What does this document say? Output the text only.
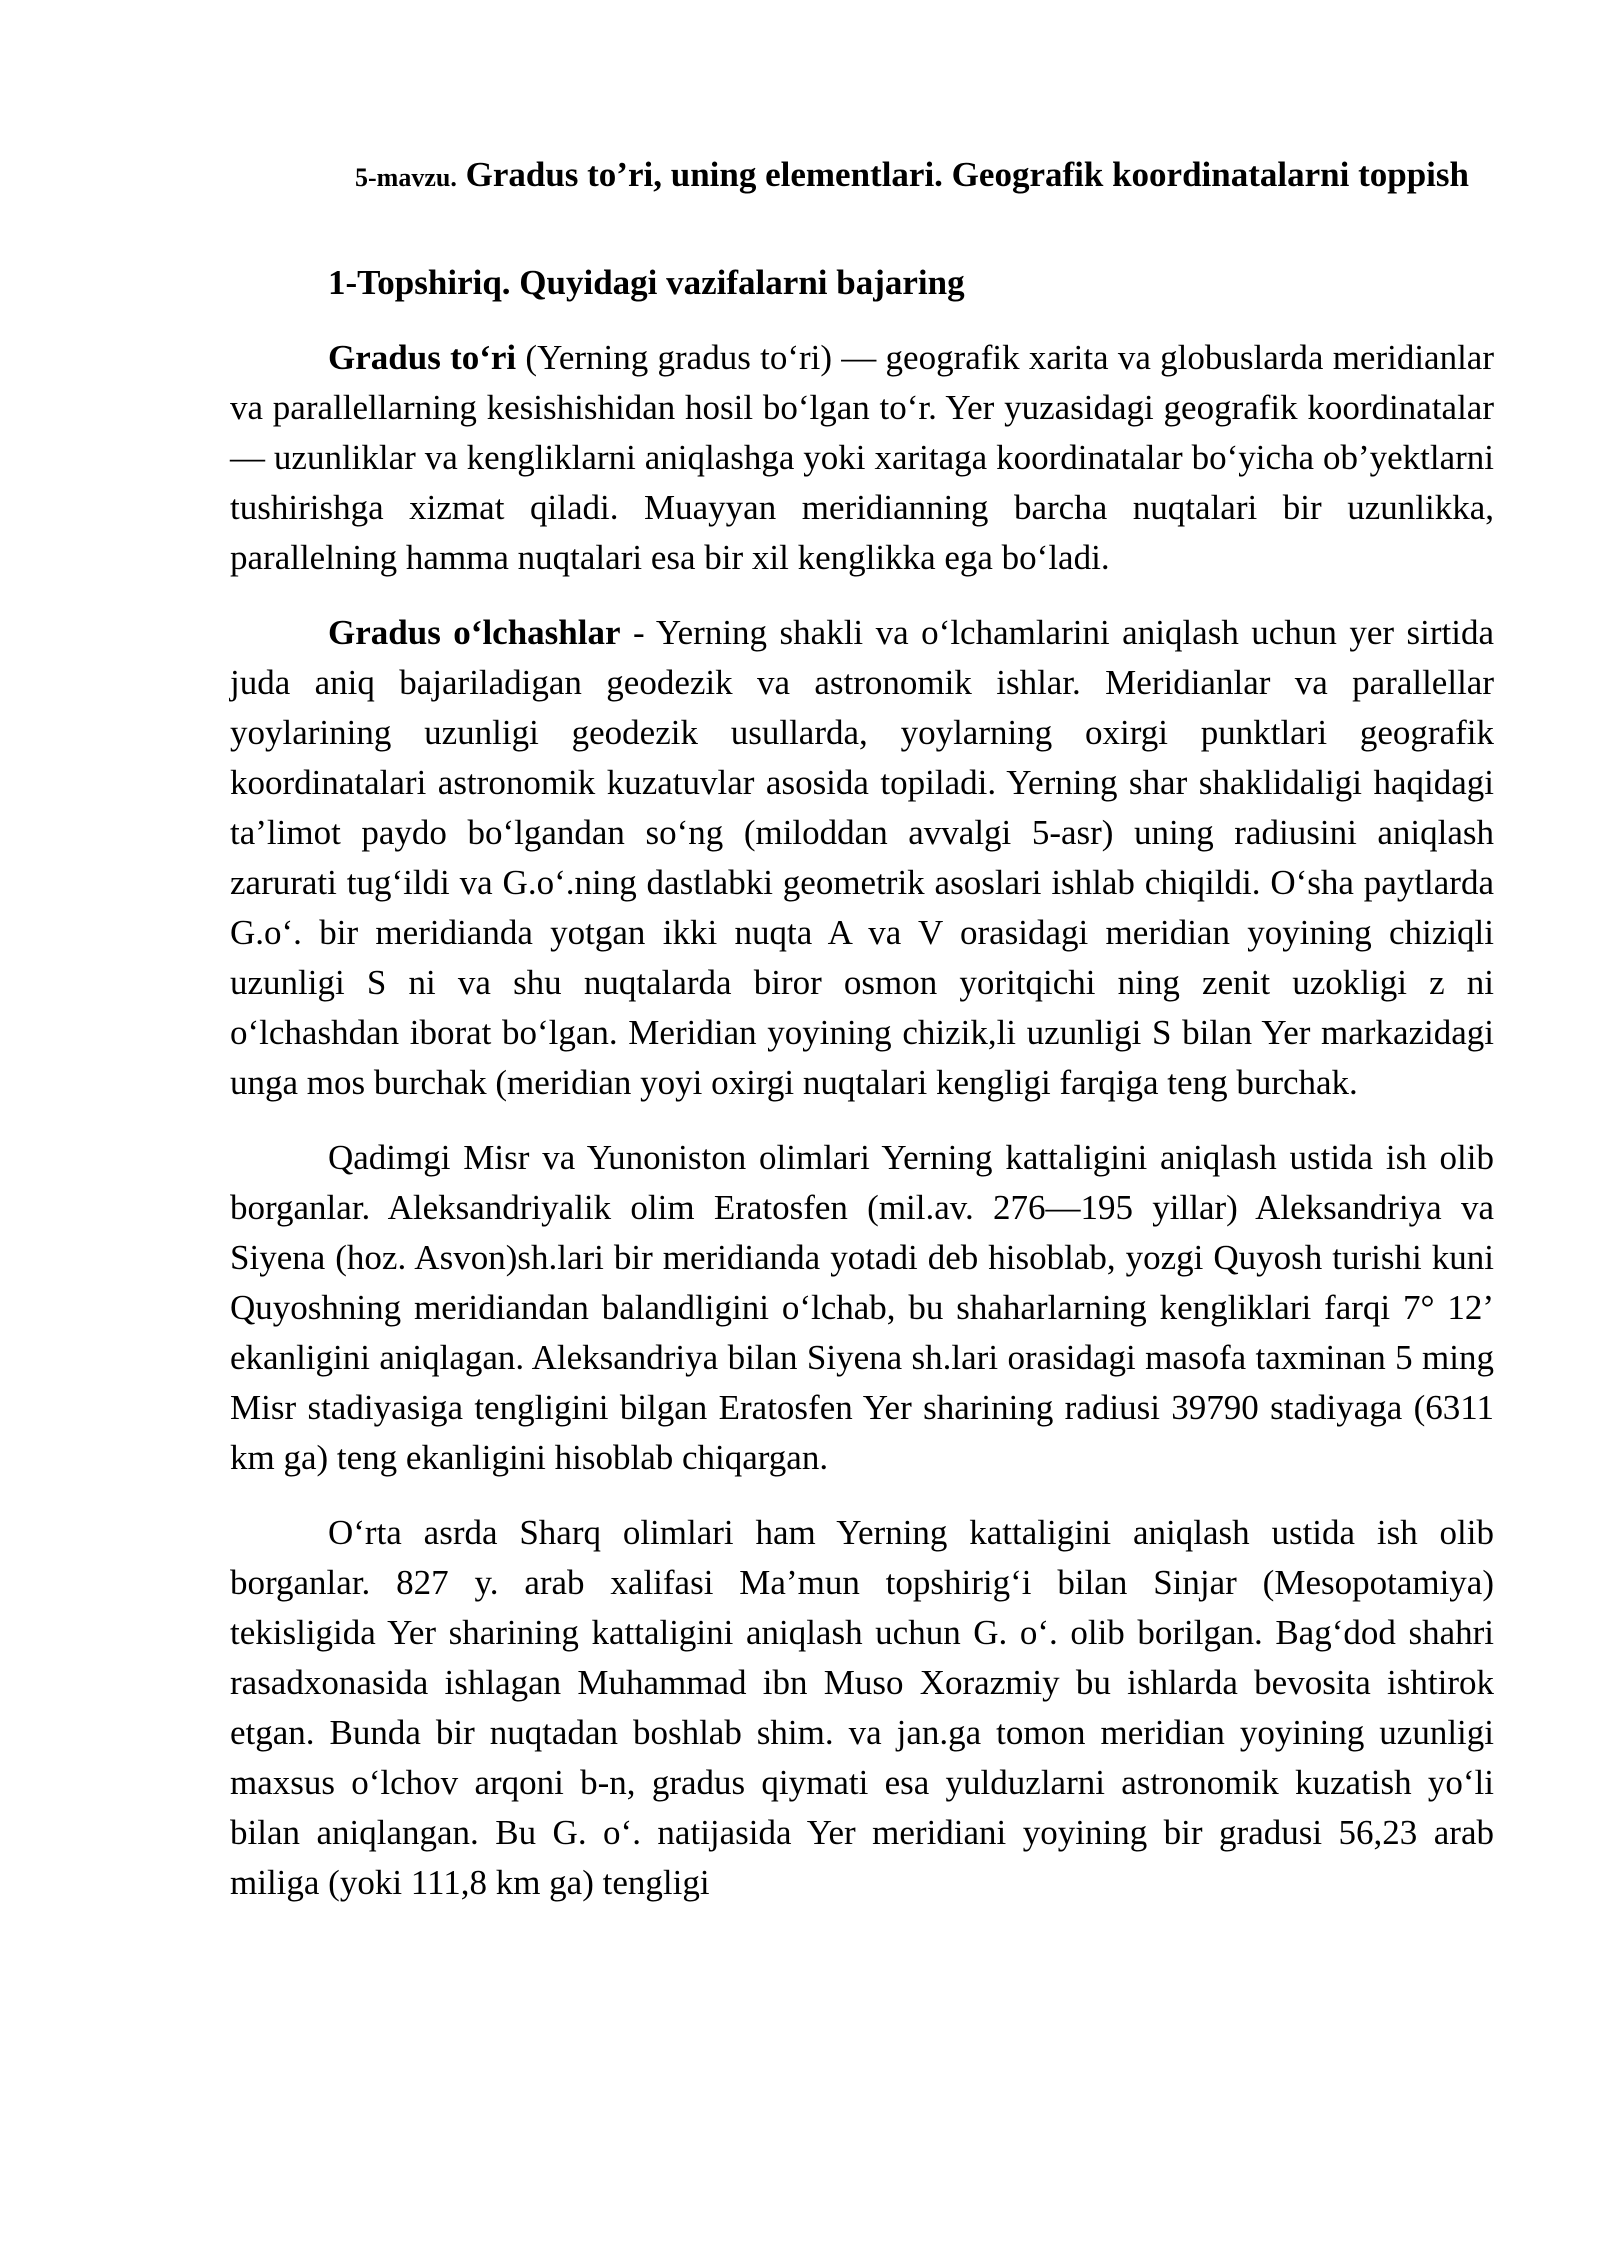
5-mavzu. Gradus to’ri, uning elementlari. Geografik koordinatalarni toppish

1-Topshiriq. Quyidagi vazifalarni bajaring

Gradus to‘ri (Yerning gradus to‘ri) — geografik xarita va globuslarda meridianlar va parallellarning kesishishidan hosil bo‘lgan to‘r. Yer yuzasidagi geografik koordinatalar — uzunliklar va kengliklarni aniqlashga yoki xaritaga koordinatalar bo‘yicha ob’yektlarni tushirishga xizmat qiladi. Muayyan meridianning barcha nuqtalari bir uzunlikka, parallelning hamma nuqtalari esa bir xil kenglikka ega bo‘ladi.

Gradus o‘lchashlar - Yerning shakli va o‘lchamlarini aniqlash uchun yer sirtida juda aniq bajariladigan geodezik va astronomik ishlar. Meridianlar va parallellar yoylarining uzunligi geodezik usullarda, yoylarning oxirgi punktlari geografik koordinatalari astronomik kuzatuvlar asosida topiladi. Yerning shar shaklidaligi haqidagi ta’limot paydo bo‘lgandan so‘ng (miloddan avvalgi 5-asr) uning radiusini aniqlash zarurati tug‘ildi va G.o‘.ning dastlabki geometrik asoslari ishlab chiqildi. O‘sha paytlarda G.o‘. bir meridianda yotgan ikki nuqta A va V orasidagi meridian yoyining chiziqli uzunligi S ni va shu nuqtalarda biror osmon yoritqichi ning zenit uzokligi z ni o‘lchashdan iborat bo‘lgan. Meridian yoyining chizik,li uzunligi S bilan Yer markazidagi unga mos burchak (meridian yoyi oxirgi nuqtalari kengligi farqiga teng burchak.

Qadimgi Misr va Yunoniston olimlari Yerning kattaligini aniqlash ustida ish olib borganlar. Aleksandriyalik olim Eratosfen (mil.av. 276—195 yillar) Aleksandriya va Siyena (hoz. Asvon)sh.lari bir meridianda yotadi deb hisoblab, yozgi Quyosh turishi kuni Quyoshning meridiandan balandligini o‘lchab, bu shaharlarning kengliklari farqi 7° 12’ ekanligini aniqlagan. Aleksandriya bilan Siyena sh.lari orasidagi masofa taxminan 5 ming Misr stadiyasiga tengligini bilgan Eratosfen Yer sharining radiusi 39790 stadiyaga (6311 km ga) teng ekanligini hisoblab chiqargan.

O‘rta asrda Sharq olimlari ham Yerning kattaligini aniqlash ustida ish olib borganlar. 827 y. arab xalifasi Ma’mun topshirig‘i bilan Sinjar (Mesopotamiya) tekisligida Yer sharining kattaligini aniqlash uchun G. o‘. olib borilgan. Bag‘dod shahri rasadxonasida ishlagan Muhammad ibn Muso Xorazmiy bu ishlarda bevosita ishtirok etgan. Bunda bir nuqtadan boshlab shim. va jan.ga tomon meridian yoyining uzunligi maxsus o‘lchov arqoni b-n, gradus qiymati esa yulduzlarni astronomik kuzatish yo‘li bilan aniqlangan. Bu G. o‘. natijasida Yer meridiani yoyining bir gradusi 56,23 arab miliga (yoki 111,8 km ga) tengligi
